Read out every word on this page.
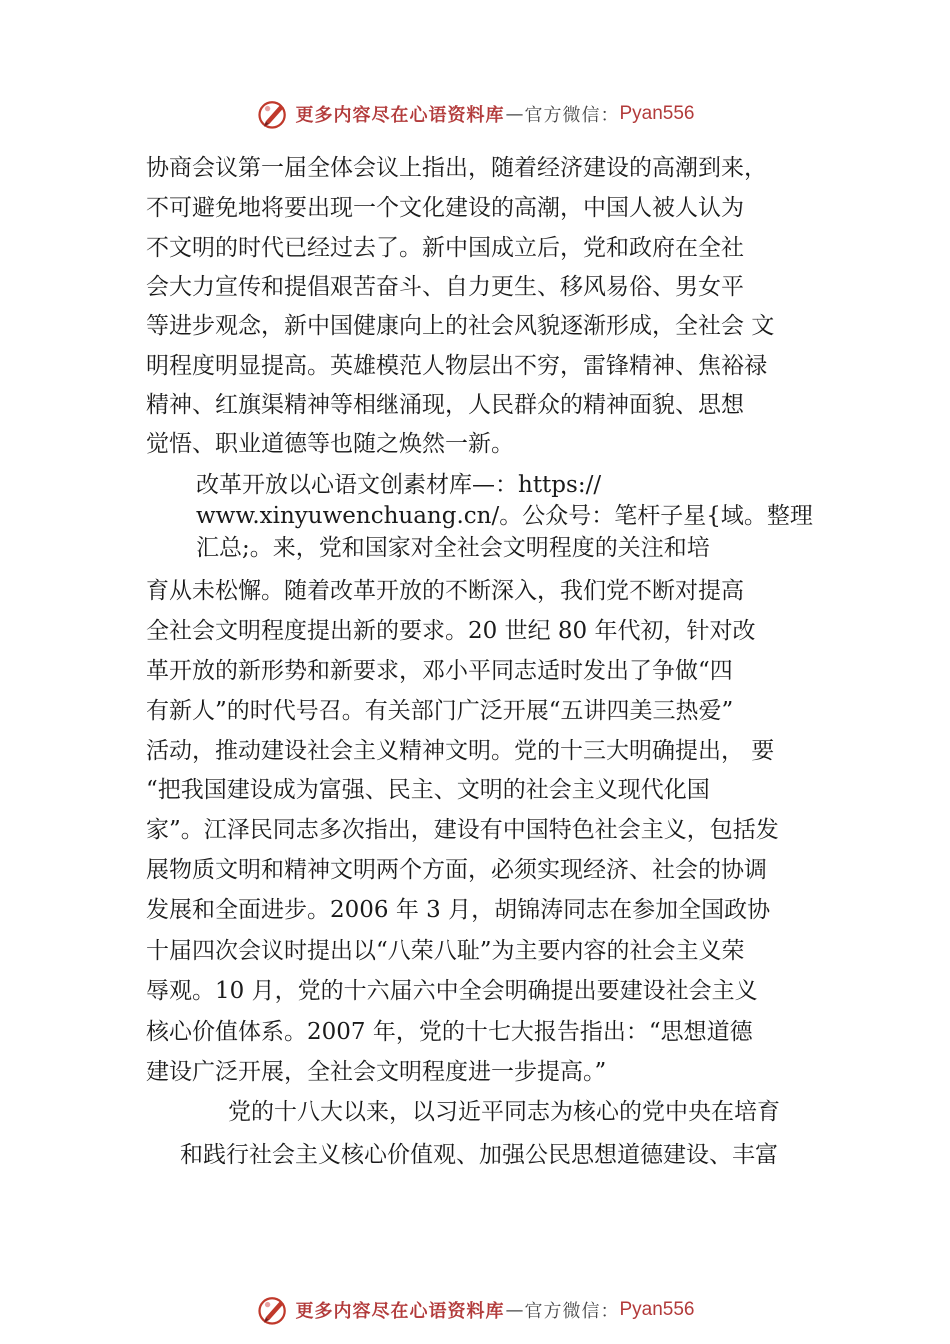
更多内容尽在心语资料库 — 官方微信： Pyan556
协商会议第一届全体会议上指出，随着经济建设的高潮到来，
不可避免地将要出现一个文化建设的高潮，中国人被人认为
不文明的时代已经过去了。新中国成立后，党和政府在全社
会大力宣传和提倡艰苦奋斗、自力更生、移风易俗、男女平
等进步观念，新中国健康向上的社会风貌逐渐形成，全社会 文
明程度明显提高。英雄模范人物层出不穷，雷锋精神、焦裕禄
精神、红旗渠精神等相继涌现，人民群众的精神面貌、思想
觉悟、职业道德等也随之焕然一新。
改革开放以心语文创素材库—：https://
www.xinyuwenchuang.cn/。公众号：笔杆子星{域。整理
汇总;。来，党和国家对全社会文明程度的关注和培
育从未松懈。随着改革开放的不断深入，我们党不断对提高
全社会文明程度提出新的要求。20 世纪 80 年代初，针对改
革开放的新形势和新要求，邓小平同志适时发出了争做“四
有新人”的时代号召。有关部门广泛开展“五讲四美三热爱”
活动，推动建设社会主义精神文明。党的十三大明确提出， 要
“把我国建设成为富强、民主、文明的社会主义现代化国
家”。江泽民同志多次指出，建设有中国特色社会主义，包括发
展物质文明和精神文明两个方面，必须实现经济、社会的协调
发展和全面进步。2006 年 3 月，胡锦涛同志在参加全国政协
十届四次会议时提出以“八荣八耻”为主要内容的社会主义荣
辱观。10 月，党的十六届六中全会明确提出要建设社会主义
核心价值体系。2007 年，党的十七大报告指出：“思想道德
建设广泛开展，全社会文明程度进一步提高。”
党的十八大以来，以习近平同志为核心的党中央在培育
和践行社会主义核心价值观、加强公民思想道德建设、丰富
更多内容尽在心语资料库 — 官方微信： Pyan556
